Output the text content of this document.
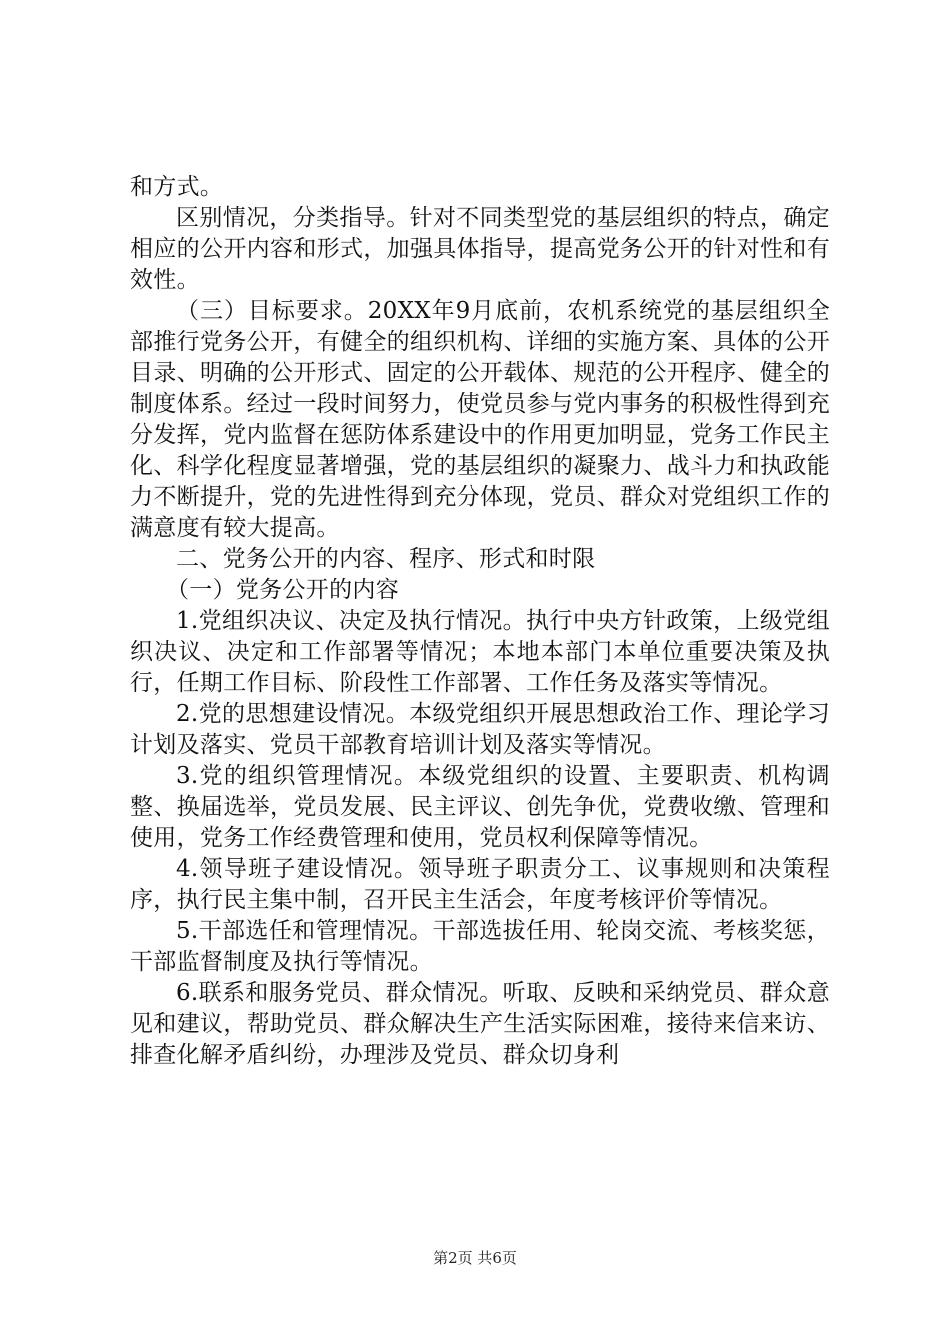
和方式。

区别情况，分类指导。针对不同类型党的基层组织的特点，确定相应的公开内容和形式，加强具体指导，提高党务公开的针对性和有效性。

（三）目标要求。20XX年9月底前，农机系统党的基层组织全部推行党务公开，有健全的组织机构、详细的实施方案、具体的公开目录、明确的公开形式、固定的公开载体、规范的公开程序、健全的制度体系。经过一段时间努力，使党员参与党内事务的积极性得到充分发挥，党内监督在惩防体系建设中的作用更加明显，党务工作民主化、科学化程度显著增强，党的基层组织的凝聚力、战斗力和执政能力不断提升，党的先进性得到充分体现，党员、群众对党组织工作的满意度有较大提高。

二、党务公开的内容、程序、形式和时限

（一）党务公开的内容

1.党组织决议、决定及执行情况。执行中央方针政策，上级党组织决议、决定和工作部署等情况；本地本部门本单位重要决策及执行，任期工作目标、阶段性工作部署、工作任务及落实等情况。

2.党的思想建设情况。本级党组织开展思想政治工作、理论学习计划及落实、党员干部教育培训计划及落实等情况。

3.党的组织管理情况。本级党组织的设置、主要职责、机构调整、换届选举，党员发展、民主评议、创先争优，党费收缴、管理和使用，党务工作经费管理和使用，党员权利保障等情况。

4.领导班子建设情况。领导班子职责分工、议事规则和决策程序，执行民主集中制，召开民主生活会，年度考核评价等情况。

5.干部选任和管理情况。干部选拔任用、轮岗交流、考核奖惩，干部监督制度及执行等情况。

6.联系和服务党员、群众情况。听取、反映和采纳党员、群众意见和建议，帮助党员、群众解决生产生活实际困难，接待来信来访、排查化解矛盾纠纷，办理涉及党员、群众切身利

第2页 共6页
